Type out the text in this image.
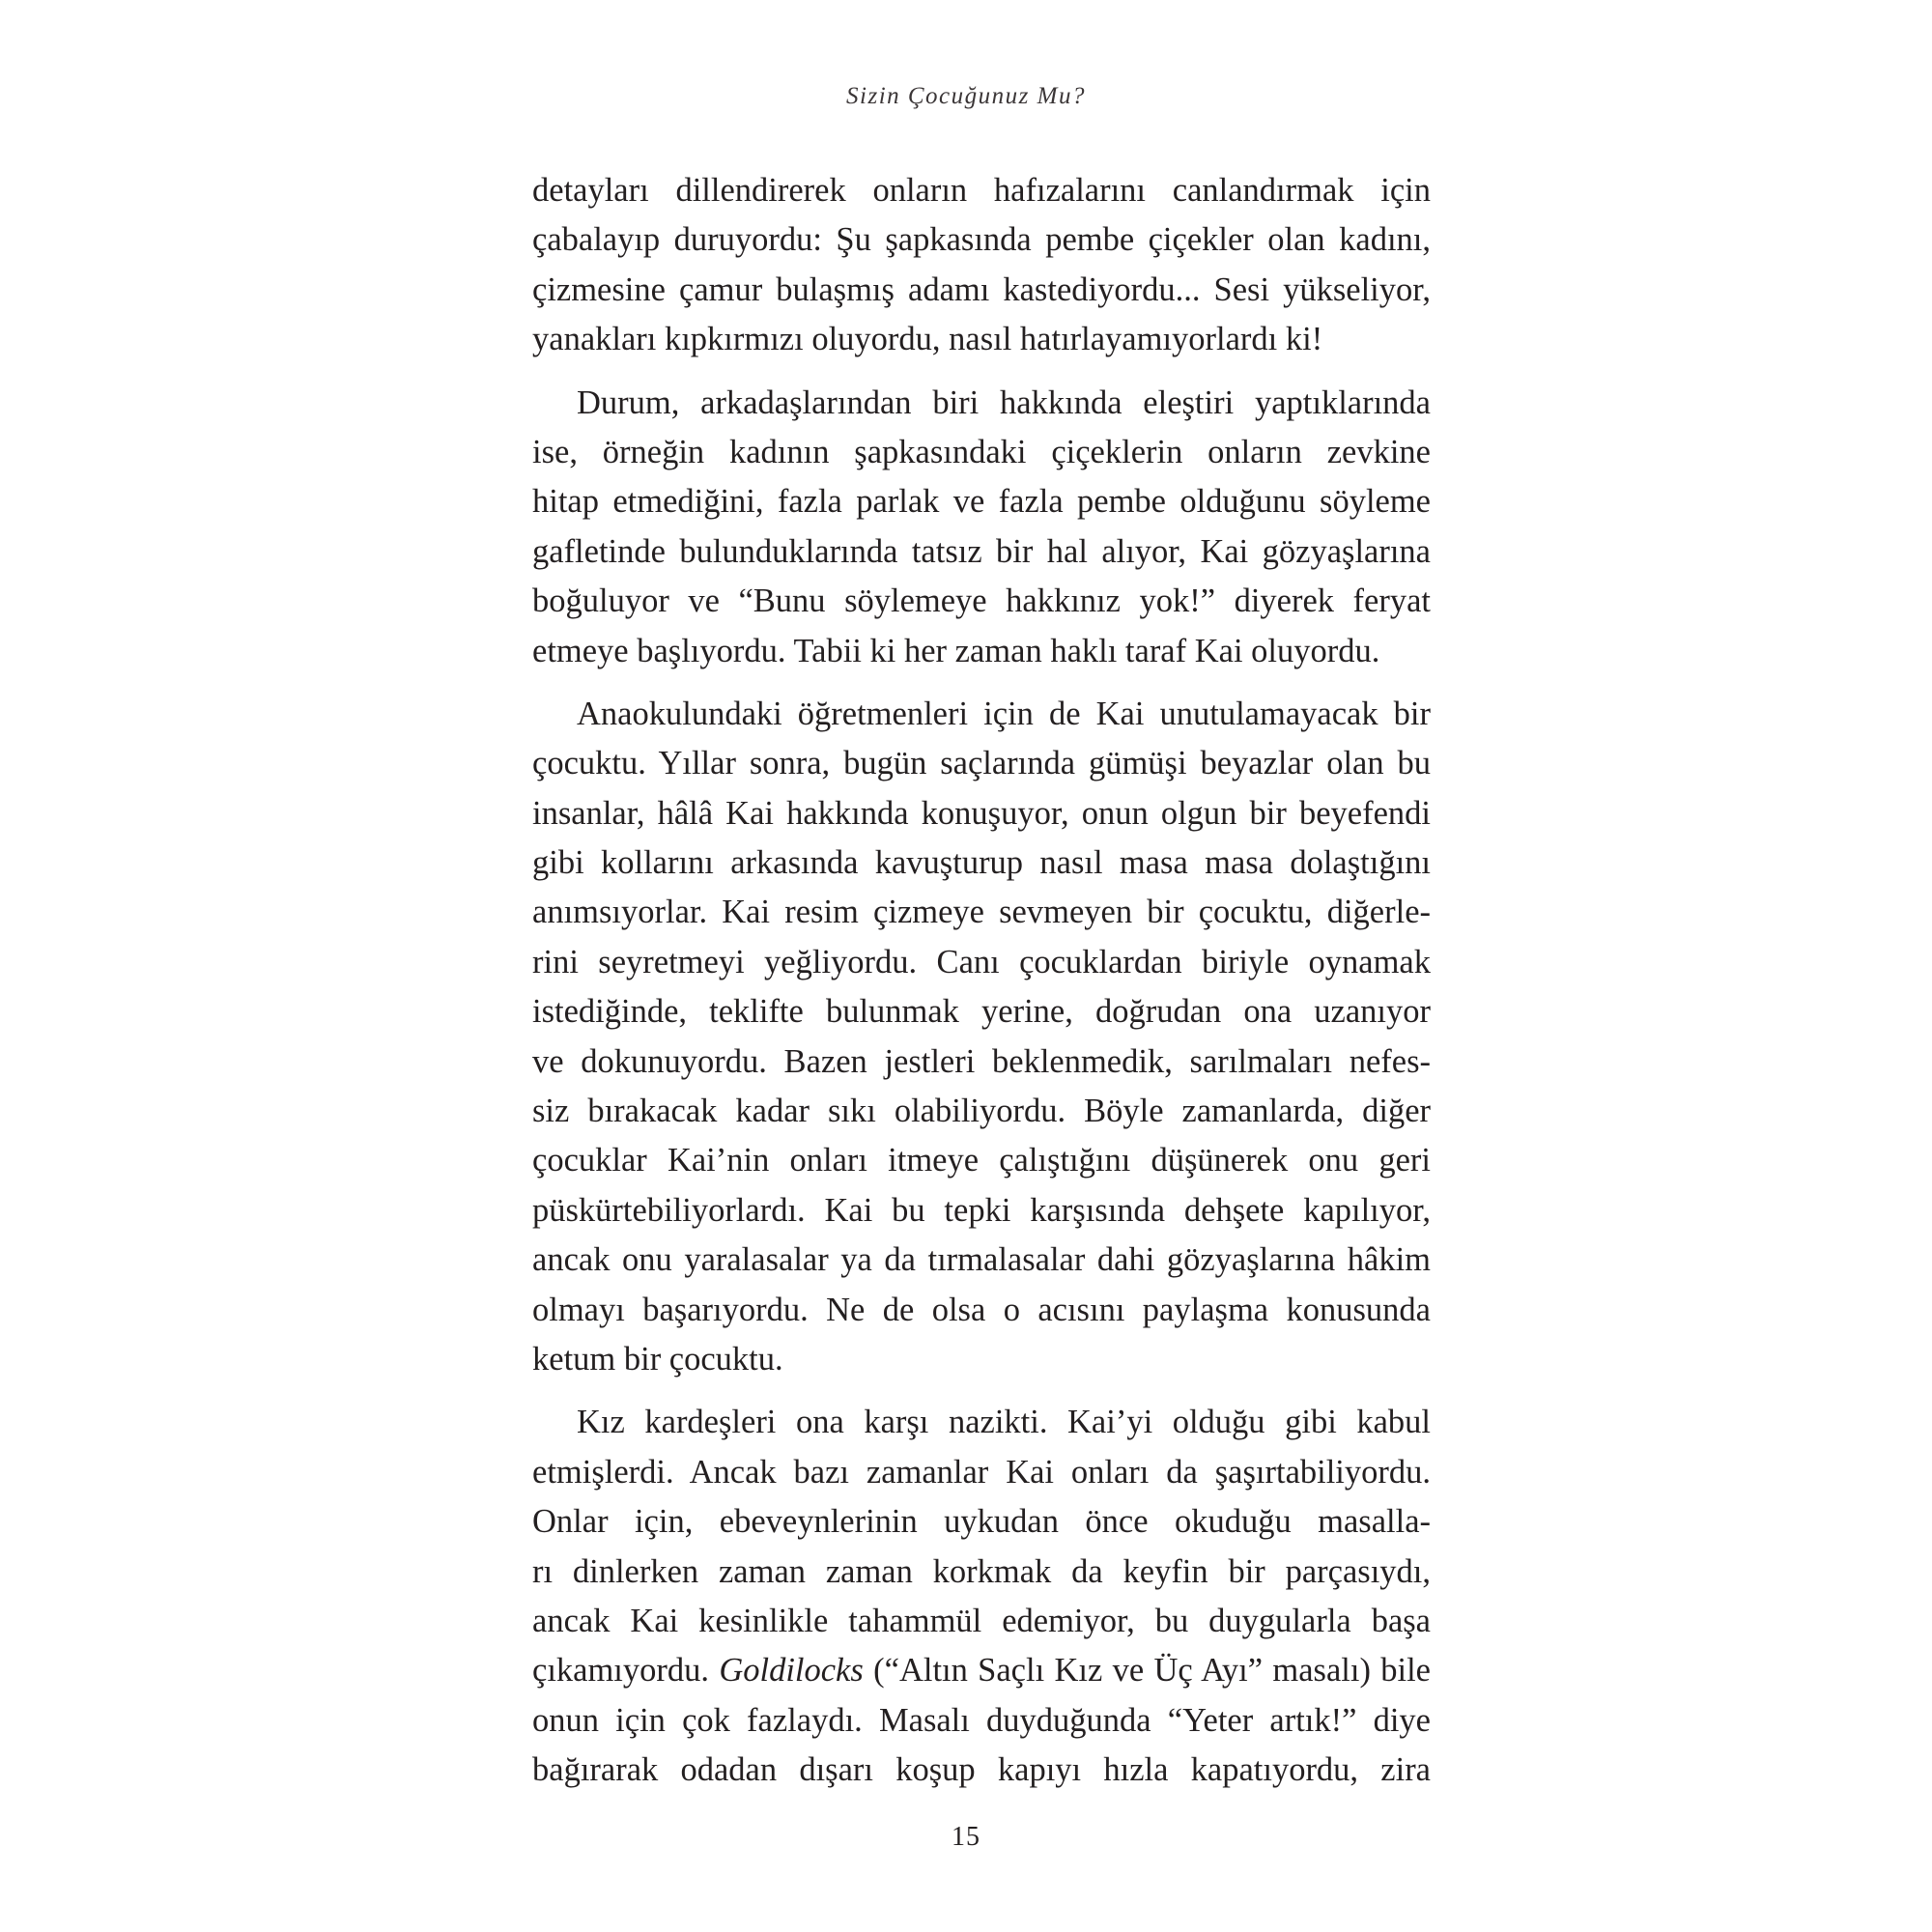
Sizin Çocuğunuz Mu?
detayları dillendirerek onların hafızalarını canlandırmak için
çabalayıp duruyordu: Şu şapkasında pembe çiçekler olan kadını,
çizmesine çamur bulaşmış adamı kastediyordu... Sesi yükseliyor,
yanakları kıpkırmızı oluyordu, nasıl hatırlayamıyorlardı ki!
Durum, arkadaşlarından biri hakkında eleştiri yaptıklarında
ise, örneğin kadının şapkasındaki çiçeklerin onların zevkine
hitap etmediğini, fazla parlak ve fazla pembe olduğunu söyleme
gafletinde bulunduklarında tatsız bir hal alıyor, Kai gözyaşlarına
boğuluyor ve “Bunu söylemeye hakkınız yok!” diyerek feryat
etmeye başlıyordu. Tabii ki her zaman haklı taraf Kai oluyordu.
Anaokulundaki öğretmenleri için de Kai unutulamayacak bir
çocuktu. Yıllar sonra, bugün saçlarında gümüşi beyazlar olan bu
insanlar, hâlâ Kai hakkında konuşuyor, onun olgun bir beyefendi
gibi kollarını arkasında kavuşturup nasıl masa masa dolaştığını
anımsıyorlar. Kai resim çizmeye sevmeyen bir çocuktu, diğerle-
rini seyretmeyi yeğliyordu. Canı çocuklardan biriyle oynamak
istediğinde, teklifte bulunmak yerine, doğrudan ona uzanıyor
ve dokunuyordu. Bazen jestleri beklenmedik, sarılmaları nefes-
siz bırakacak kadar sıkı olabiliyordu. Böyle zamanlarda, diğer
çocuklar Kai’nin onları itmeye çalıştığını düşünerek onu geri
püskürtebiliyorlardı. Kai bu tepki karşısında dehşete kapılıyor,
ancak onu yaralasalar ya da tırmalasalar dahi gözyaşlarına hâkim
olmayı başarıyordu. Ne de olsa o acısını paylaşma konusunda
ketum bir çocuktu.
Kız kardeşleri ona karşı nazikti. Kai’yi olduğu gibi kabul
etmişlerdi. Ancak bazı zamanlar Kai onları da şaşırtabiliyordu.
Onlar için, ebeveynlerinin uykudan önce okuduğu masalla-
rı dinlerken zaman zaman korkmak da keyfin bir parçasıydı,
ancak Kai kesinlikle tahammül edemiyor, bu duygularla başa
çıkamıyordu. Goldilocks (“Altın Saçlı Kız ve Üç Ayı” masalı) bile
onun için çok fazlaydı. Masalı duyduğunda “Yeter artık!” diye
bağırarak odadan dışarı koşup kapıyı hızla kapatıyordu, zira
15
